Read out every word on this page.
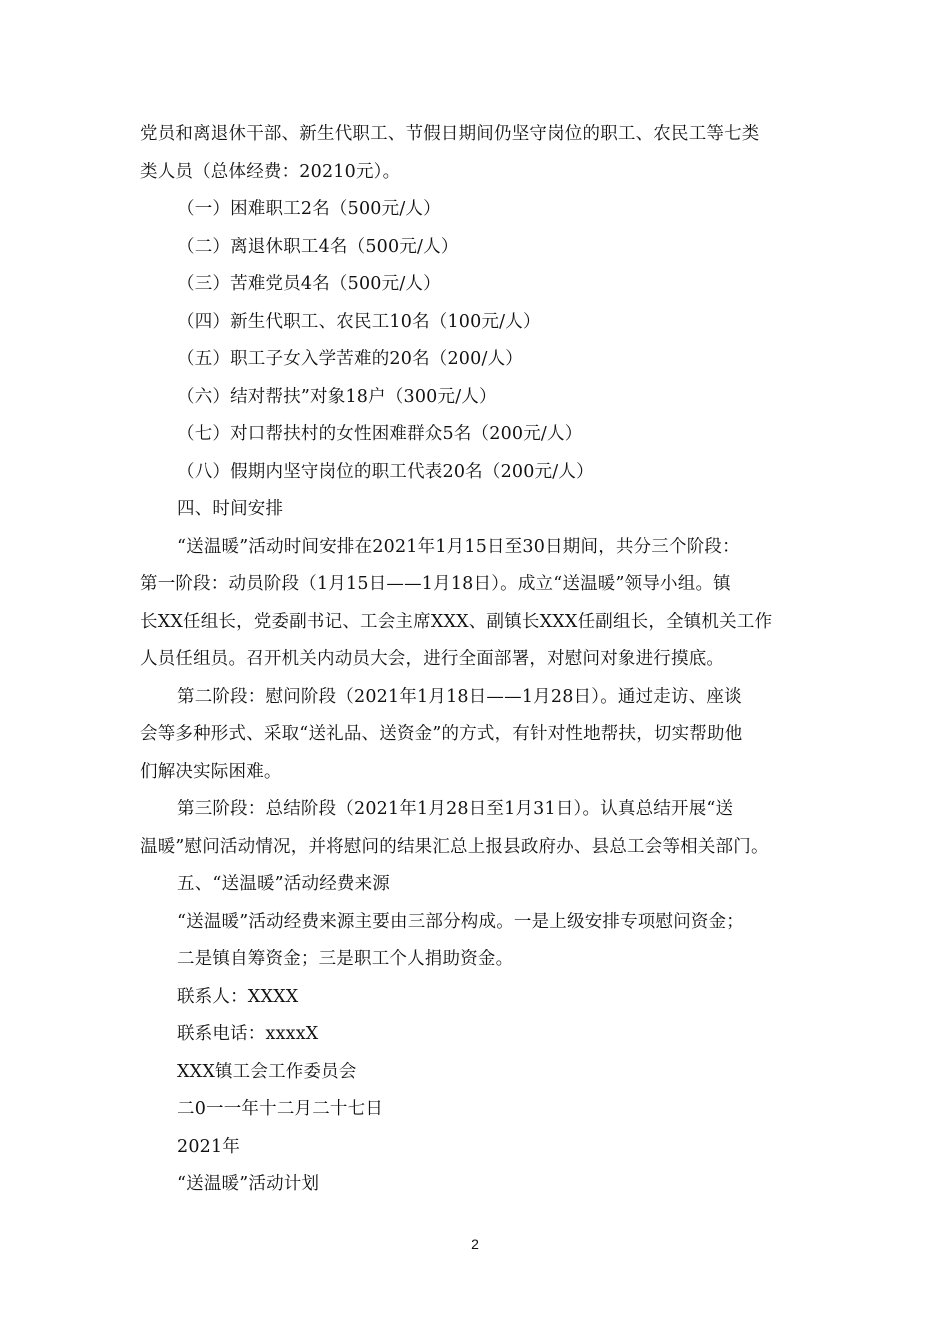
党员和离退休干部、新生代职工、节假日期间仍坚守岗位的职工、农民工等七类
类人员（总体经费：20210元）。
（一）困难职工2名（500元/人）
（二）离退休职工4名（500元/人）
（三）苦难党员4名（500元/人）
（四）新生代职工、农民工10名（100元/人）
（五）职工子女入学苦难的20名（200/人）
（六）结对帮扶”对象18户（300元/人）
（七）对口帮扶村的女性困难群众5名（200元/人）
（八）假期内坚守岗位的职工代表20名（200元/人）
四、时间安排
“送温暖”活动时间安排在2021年1月15日至30日期间，共分三个阶段：
第一阶段：动员阶段（1月15日——1月18日）。成立“送温暖”领导小组。镇
长XX任组长，党委副书记、工会主席XXX、副镇长XXX任副组长，全镇机关工作
人员任组员。召开机关内动员大会，进行全面部署，对慰问对象进行摸底。
第二阶段：慰问阶段（2021年1月18日——1月28日）。通过走访、座谈
会等多种形式、采取“送礼品、送资金”的方式，有针对性地帮扶，切实帮助他
们解决实际困难。
第三阶段：总结阶段（2021年1月28日至1月31日）。认真总结开展“送
温暖”慰问活动情况，并将慰问的结果汇总上报县政府办、县总工会等相关部门。
五、“送温暖”活动经费来源
“送温暖”活动经费来源主要由三部分构成。一是上级安排专项慰问资金；
二是镇自筹资金；三是职工个人捐助资金。
联系人：XXXX
联系电话：xxxxX
XXX镇工会工作委员会
二0一一年十二月二十七日
2021年
“送温暖”活动计划
2
